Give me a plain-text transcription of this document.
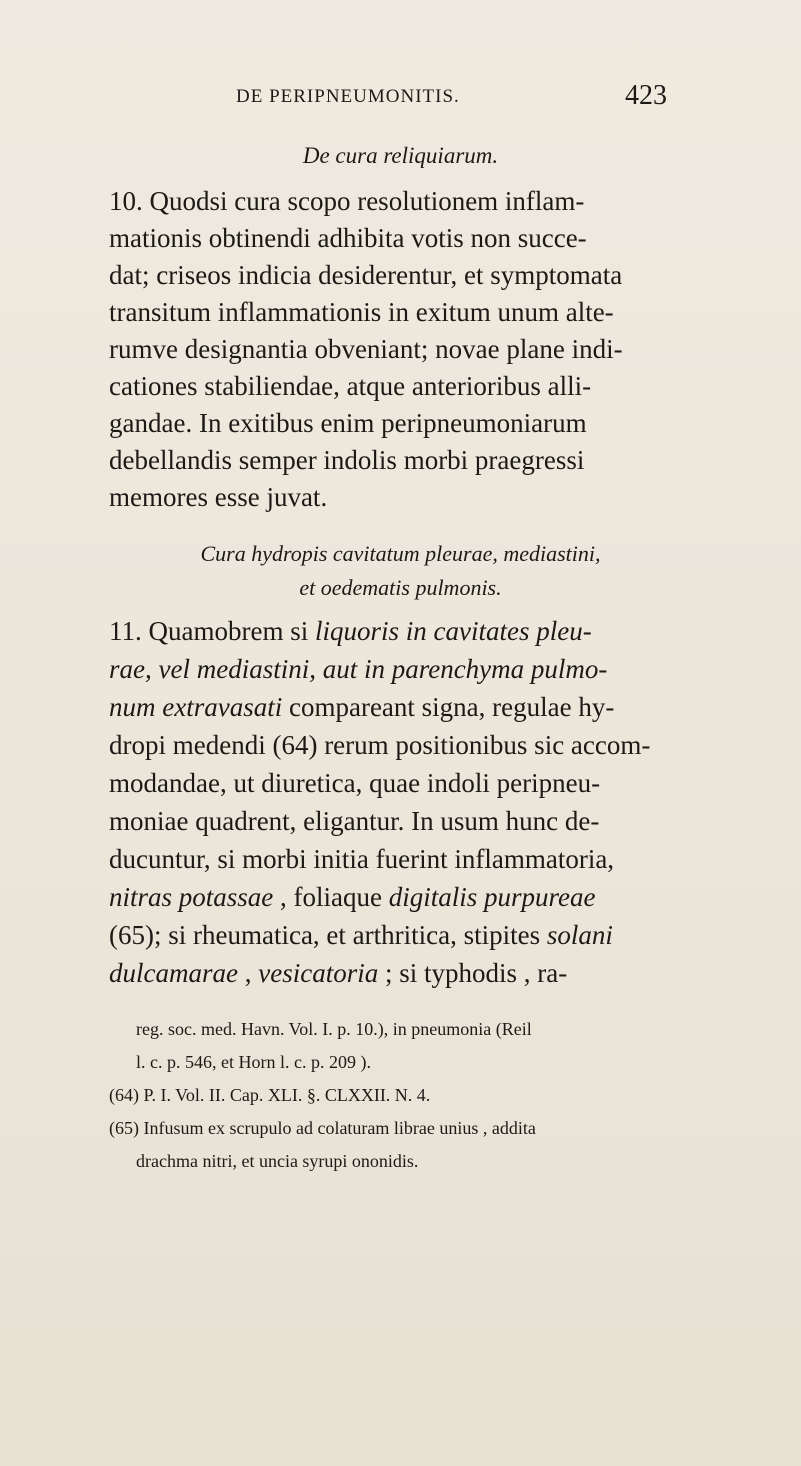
DE PERIPNEUMONITIS.	423
De cura reliquiarum.
10. Quodsi cura scopo resolutionem inflam-
mationis obtinendi adhibita votis non succe-
dat; criseos indicia desiderentur, et symptomata
transitum inflammationis in exitum unum alte-
rumve designantia obveniant; novae plane indi-
cationes stabiliendae, atque anterioribus alli-
gandae. In exitibus enim peripneumoniarum
debellandis semper indolis morbi praegressi
memores esse juvat.
Cura hydropis cavitatum pleurae, mediastini,
et oedematis pulmonis.
11. Quamobrem si liquoris in cavitates pleu-
rae, vel mediastini, aut in parenchyma pulmo-
num extravasati compareant signa, regulae hy-
dropi medendi (64) rerum positionibus sic accom-
modandae, ut diuretica, quae indoli peripneu-
moniae quadrent, eligantur. In usum hunc de-
ducuntur, si morbi initia fuerint inflammatoria,
nitras potassae , foliaque digitalis purpureae
(65); si rheumatica, et arthritica, stipites solani
dulcamarae , vesicatoria ; si typhodis , ra-
reg. soc. med. Havn. Vol. I. p. 10.), in pneumonia (Reil
l. c. p. 546, et Horn l. c. p. 209 ).
(64) P. I. Vol. II. Cap. XLI. §. CLXXII. N. 4.
(65) Infusum ex scrupulo ad colaturam librae unius , addita
drachma nitri, et uncia syrupi ononidis.
